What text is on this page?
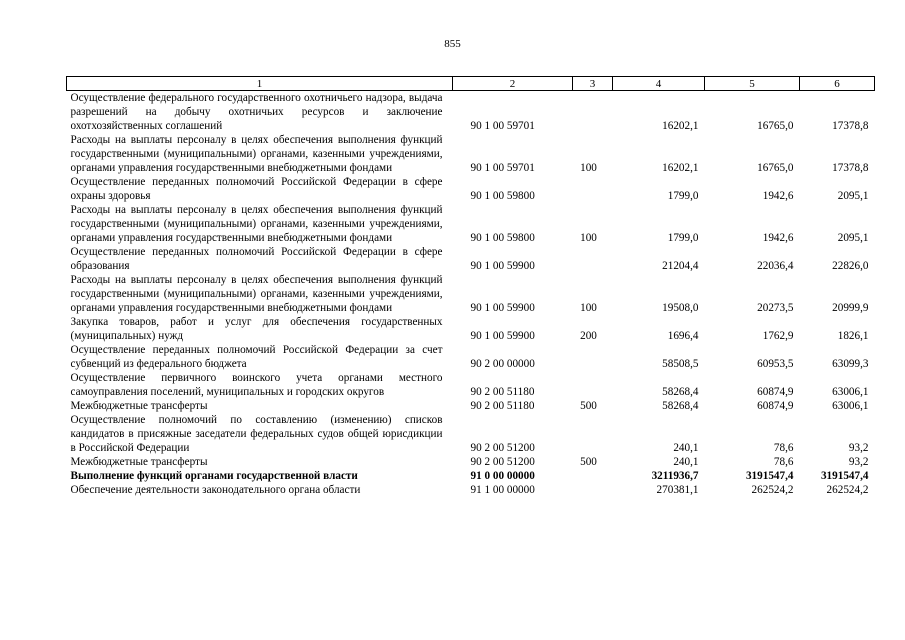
855
1	2	3	4	5	6
Осуществление федерального государственного охотничьего надзора, выдача разрешений на добычу охотничьих ресурсов и заключение охотхозяйственных соглашений	90 1 00 59701		16202,1	16765,0	17378,8
Расходы на выплаты персоналу в целях обеспечения выполнения функций государственными (муниципальными) органами, казенными учреждениями, органами управления государственными внебюджетными фондами	90 1 00 59701	100	16202,1	16765,0	17378,8
Осуществление переданных полномочий Российской Федерации в сфере охраны здоровья	90 1 00 59800		1799,0	1942,6	2095,1
Расходы на выплаты персоналу в целях обеспечения выполнения функций государственными (муниципальными) органами, казенными учреждениями, органами управления государственными внебюджетными фондами	90 1 00 59800	100	1799,0	1942,6	2095,1
Осуществление переданных полномочий Российской Федерации в сфере образования	90 1 00 59900		21204,4	22036,4	22826,0
Расходы на выплаты персоналу в целях обеспечения выполнения функций государственными (муниципальными) органами, казенными учреждениями, органами управления государственными внебюджетными фондами	90 1 00 59900	100	19508,0	20273,5	20999,9
Закупка товаров, работ и услуг для обеспечения государственных (муниципальных) нужд	90 1 00 59900	200	1696,4	1762,9	1826,1
Осуществление переданных полномочий Российской Федерации за счет субвенций из федерального бюджета	90 2 00 00000		58508,5	60953,5	63099,3
Осуществление первичного воинского учета органами местного самоуправления поселений, муниципальных и городских округов	90 2 00 51180		58268,4	60874,9	63006,1
Межбюджетные трансферты	90 2 00 51180	500	58268,4	60874,9	63006,1
Осуществление полномочий по составлению (изменению) списков кандидатов в присяжные заседатели федеральных судов общей юрисдикции в Российской Федерации	90 2 00 51200		240,1	78,6	93,2
Межбюджетные трансферты	90 2 00 51200	500	240,1	78,6	93,2
Выполнение функций органами государственной власти	91 0 00 00000		3211936,7	3191547,4	3191547,4
Обеспечение деятельности законодательного органа области	91 1 00 00000		270381,1	262524,2	262524,2
